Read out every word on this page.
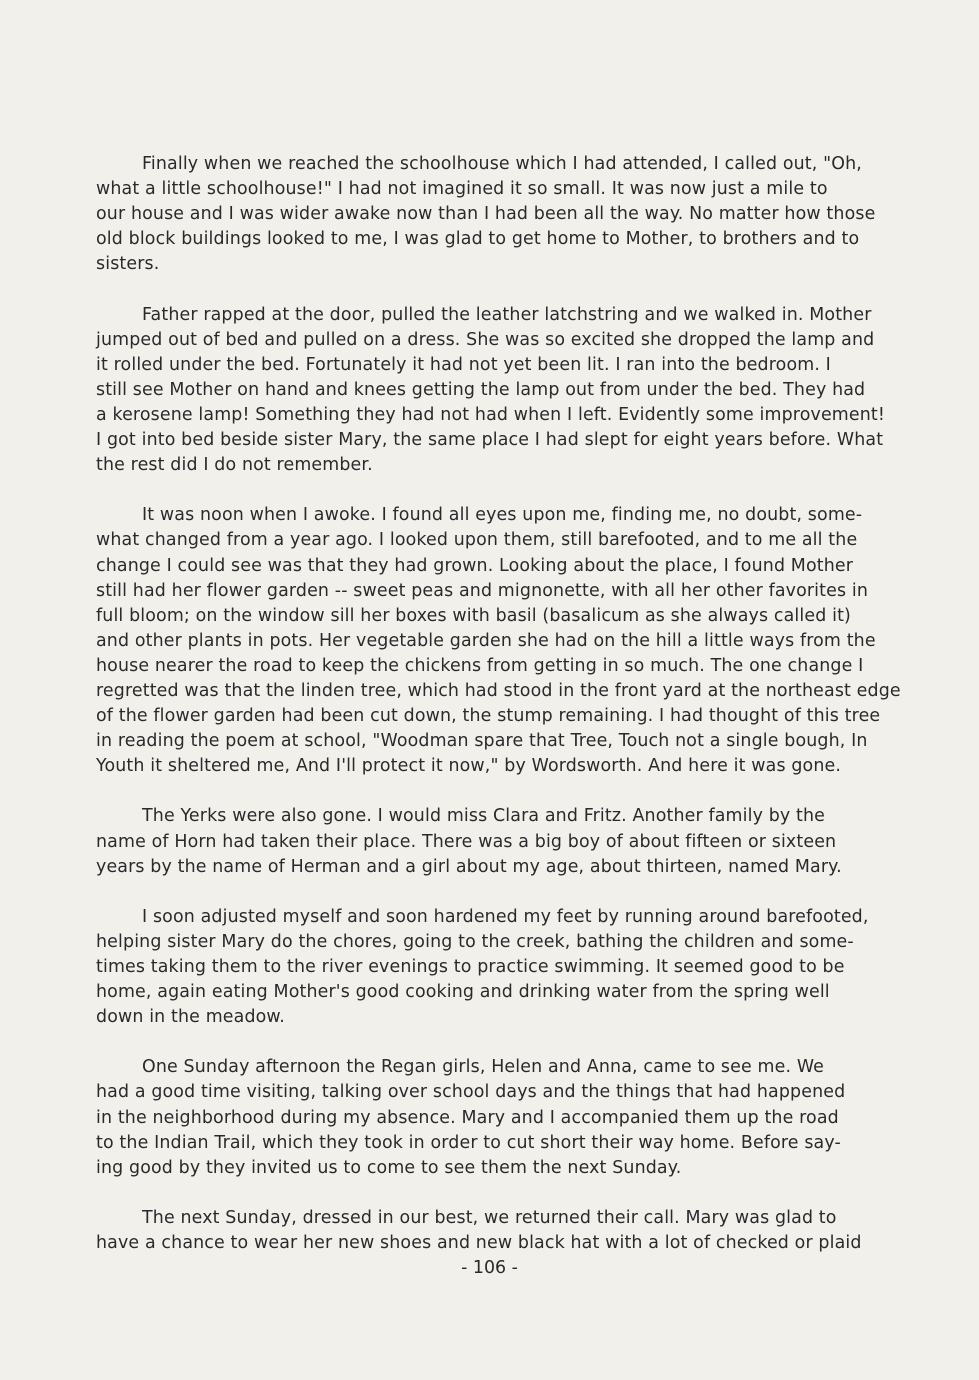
Finally when we reached the schoolhouse which I had attended, I called out, "Oh,
what a little schoolhouse!" I had not imagined it so small. It was now just a mile to
our house and I was wider awake now than I had been all the way. No matter how those
old block buildings looked to me, I was glad to get home to Mother, to brothers and to
sisters.

Father rapped at the door, pulled the leather latchstring and we walked in. Mother
jumped out of bed and pulled on a dress. She was so excited she dropped the lamp and
it rolled under the bed. Fortunately it had not yet been lit. I ran into the bedroom. I
still see Mother on hand and knees getting the lamp out from under the bed. They had
a kerosene lamp! Something they had not had when I left. Evidently some improvement!
I got into bed beside sister Mary, the same place I had slept for eight years before. What
the rest did I do not remember.

It was noon when I awoke. I found all eyes upon me, finding me, no doubt, some-
what changed from a year ago. I looked upon them, still barefooted, and to me all the
change I could see was that they had grown. Looking about the place, I found Mother
still had her flower garden -- sweet peas and mignonette, with all her other favorites in
full bloom; on the window sill her boxes with basil (basalicum as she always called it)
and other plants in pots. Her vegetable garden she had on the hill a little ways from the
house nearer the road to keep the chickens from getting in so much. The one change I
regretted was that the linden tree, which had stood in the front yard at the northeast edge
of the flower garden had been cut down, the stump remaining. I had thought of this tree
in reading the poem at school, "Woodman spare that Tree, Touch not a single bough, In
Youth it sheltered me, And I'll protect it now," by Wordsworth. And here it was gone.

The Yerks were also gone. I would miss Clara and Fritz. Another family by the
name of Horn had taken their place. There was a big boy of about fifteen or sixteen
years by the name of Herman and a girl about my age, about thirteen, named Mary.

I soon adjusted myself and soon hardened my feet by running around barefooted,
helping sister Mary do the chores, going to the creek, bathing the children and some-
times taking them to the river evenings to practice swimming. It seemed good to be
home, again eating Mother's good cooking and drinking water from the spring well
down in the meadow.

One Sunday afternoon the Regan girls, Helen and Anna, came to see me. We
had a good time visiting, talking over school days and the things that had happened
in the neighborhood during my absence. Mary and I accompanied them up the road
to the Indian Trail, which they took in order to cut short their way home. Before say-
ing good by they invited us to come to see them the next Sunday.

The next Sunday, dressed in our best, we returned their call. Mary was glad to
have a chance to wear her new shoes and new black hat with a lot of checked or plaid

- 106 -
